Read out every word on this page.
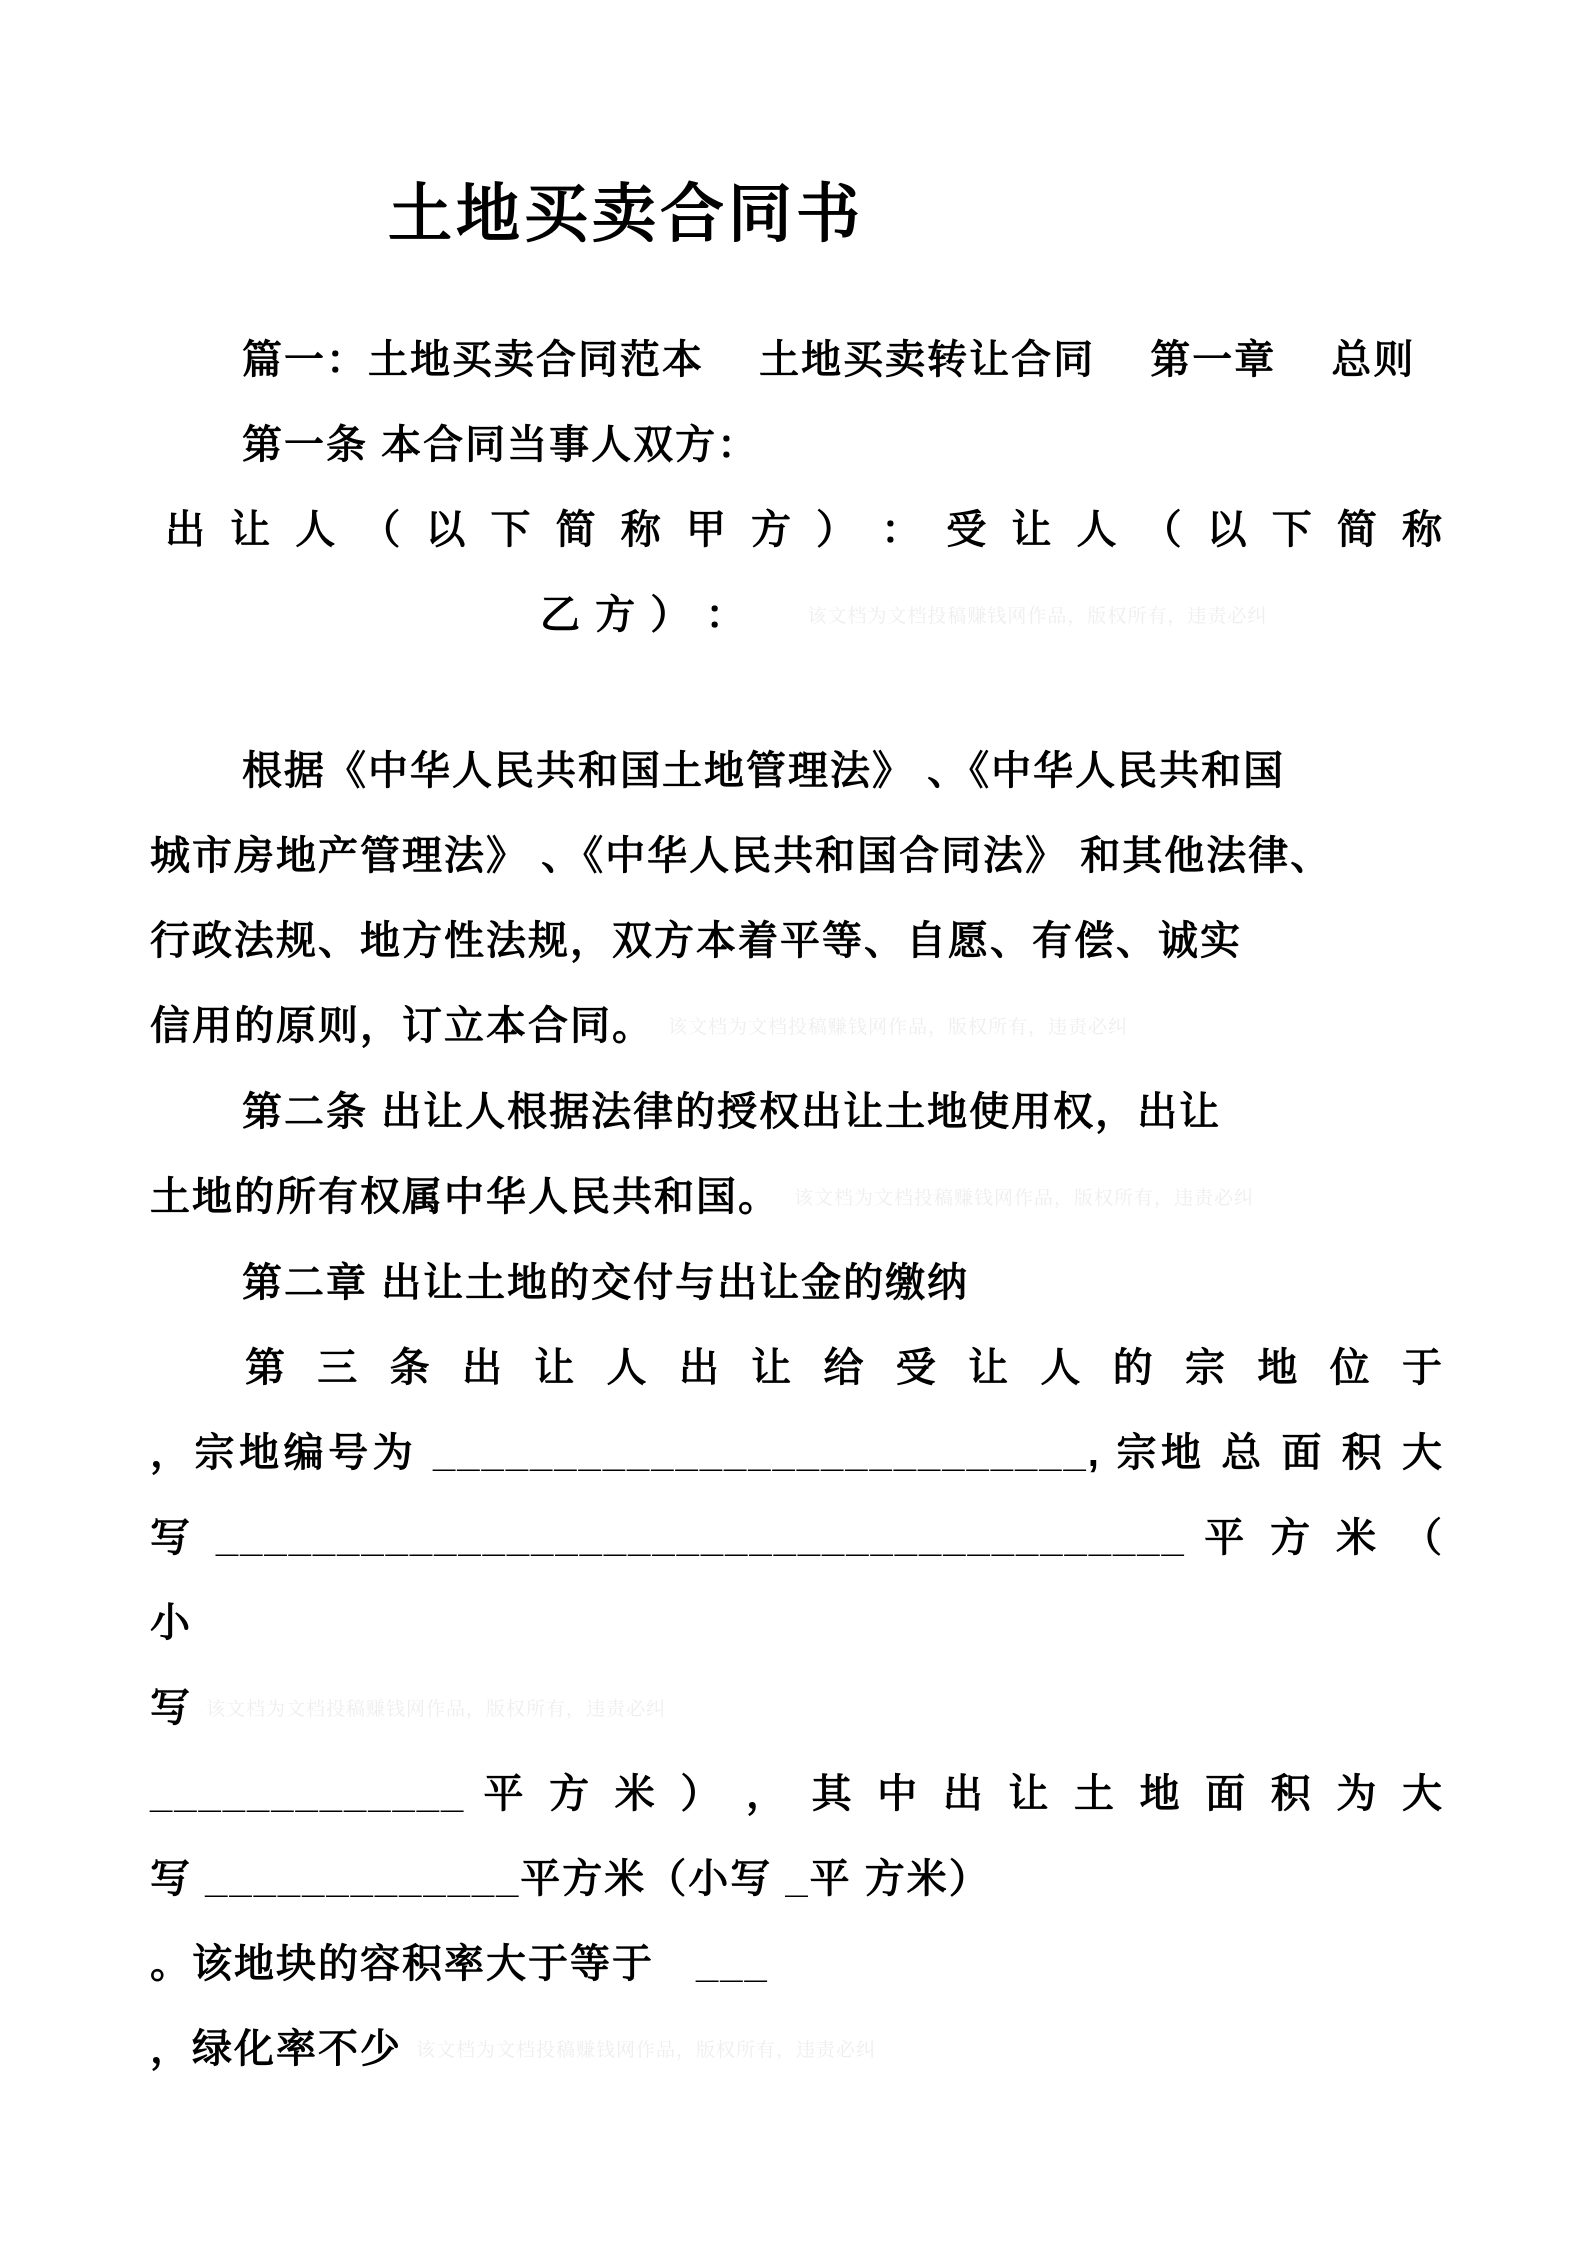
土地买卖合同书
篇一：土地买卖合同范本　 土地买卖转让合同　 第一章　 总则
第一条 本合同当事人双方：
出 让 人 （ 以 下 简 称 甲 方 ） ： 受 让 人 （ 以 下 简 称
乙 方 ） ：	该文档为文档投稿赚钱网作品，版权所有，违责必纠
根据《中华人民共和国土地管理法》 、《中华人民共和国
城市房地产管理法》 、《中华人民共和国合同法》 和其他法律、
行政法规、地方性法规，双方本着平等、自愿、有偿、诚实
信用的原则，订立本合同。 该文档为文档投稿赚钱网作品，版权所有，违责必纠
第二条 出让人根据法律的授权出让土地使用权，出让
土地的所有权属中华人民共和国。 该文档为文档投稿赚钱网作品，版权所有，违责必纠
第二章 出让土地的交付与出让金的缴纳
第 三 条 出 让 人 出 让 给 受 让 人 的 宗 地 位 于
，宗地编号为 ___________________________, 宗地 总 面 积 大
写 ________________________________________ 平 方 米 （ 小
写该文档为文档投稿赚钱网作品，版权所有，违责必纠
_____________ 平 方 米 ） ， 其 中 出 让 土 地 面 积 为 大
写 _____________平方米（小写 _平 方米）
。该地块的容积率大于等于　___
，绿化率不少 该文档为文档投稿赚钱网作品，版权所有，违责必纠
